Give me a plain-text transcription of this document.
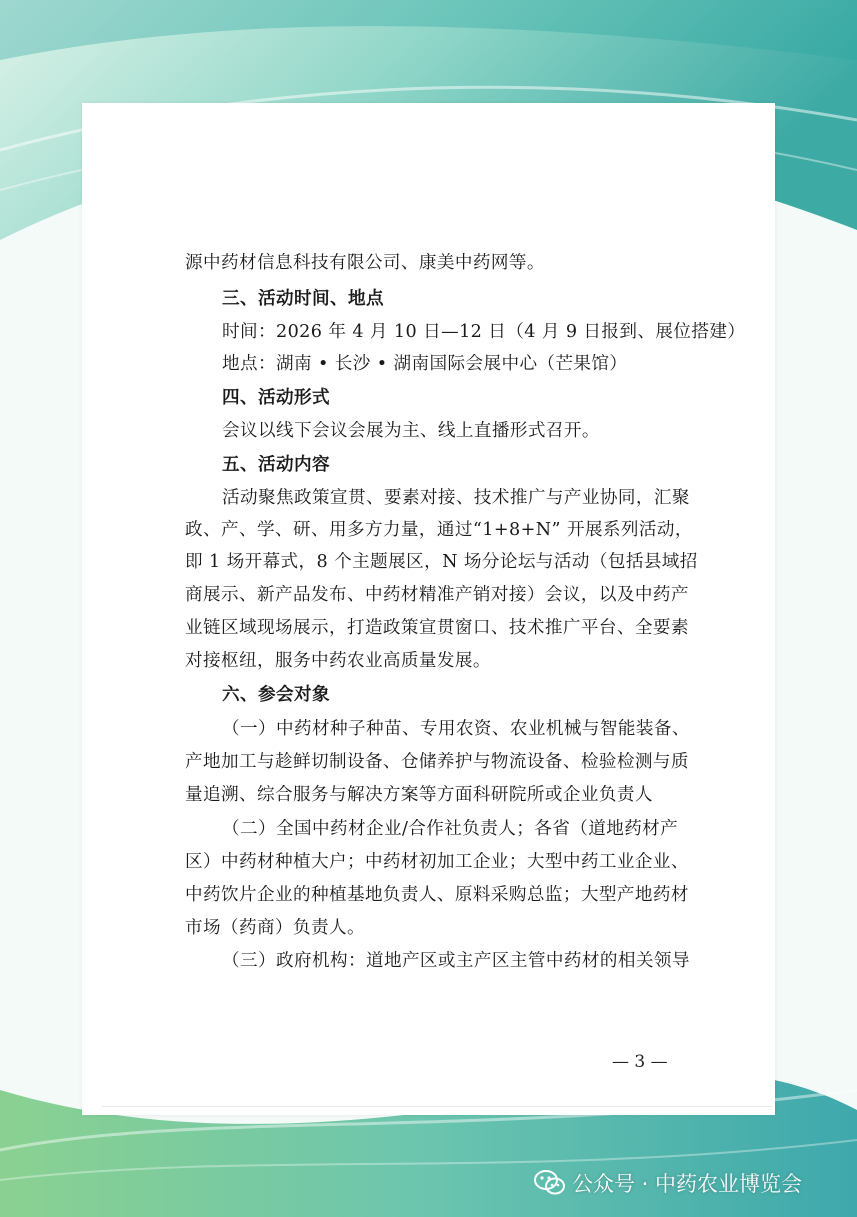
源中药材信息科技有限公司、康美中药网等。
三、活动时间、地点
时间：2026 年 4 月 10 日—12 日（4 月 9 日报到、展位搭建）
地点：湖南 • 长沙 • 湖南国际会展中心（芒果馆）
四、活动形式
会议以线下会议会展为主、线上直播形式召开。
五、活动内容
活动聚焦政策宣贯、要素对接、技术推广与产业协同，汇聚
政、产、学、研、用多方力量，通过“1+8+N” 开展系列活动，
即 1 场开幕式，8 个主题展区，N 场分论坛与活动（包括县域招
商展示、新产品发布、中药材精准产销对接）会议，以及中药产
业链区域现场展示，打造政策宣贯窗口、技术推广平台、全要素
对接枢纽，服务中药农业高质量发展。
六、参会对象
（一）中药材种子种苗、专用农资、农业机械与智能装备、
产地加工与趁鲜切制设备、仓储养护与物流设备、检验检测与质
量追溯、综合服务与解决方案等方面科研院所或企业负责人
（二）全国中药材企业/合作社负责人；各省（道地药材产
区）中药材种植大户；中药材初加工企业；大型中药工业企业、
中药饮片企业的种植基地负责人、原料采购总监；大型产地药材
市场（药商）负责人。
（三）政府机构：道地产区或主产区主管中药材的相关领导
— 3 —
公众号 · 中药农业博览会
